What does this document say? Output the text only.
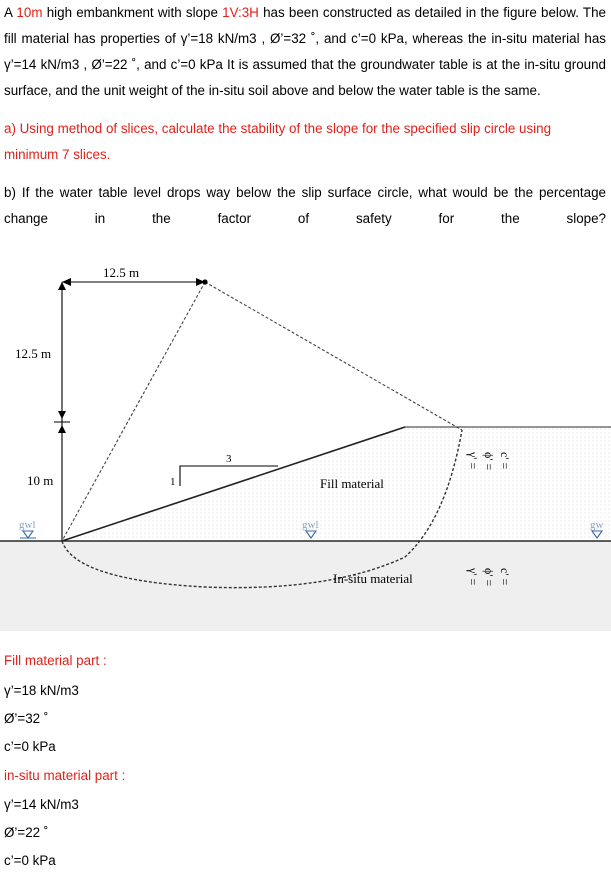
A 10m high embankment with slope 1V:3H has been constructed as detailed in the figure below. The fill material has properties of γ’=18 kN/m3 , Ø’=32 ˚, and c’=0 kPa, whereas the in-situ material has γ’=14 kN/m3 , Ø’=22 ˚, and c’=0 kPa It is assumed that the groundwater table is at the in-situ ground surface, and the unit weight of the in-situ soil above and below the water table is the same.
a) Using method of slices, calculate the stability of the slope for the specified slip circle using minimum 7 slices.
b) If the water table level drops way below the slip surface circle, what would be the percentage change in the factor of safety for the slope?
12.5 m
12.5 m
10 m
gwl	gwl	gw
1
3
Fill material
In-situ material
γ' = ϕ' = c' =
γ' = ϕ' = c' =
Fill material part :
γ’=18 kN/m3
Ø’=32 ˚
c’=0 kPa
in-situ material part :
γ’=14 kN/m3
Ø’=22 ˚
c’=0 kPa
